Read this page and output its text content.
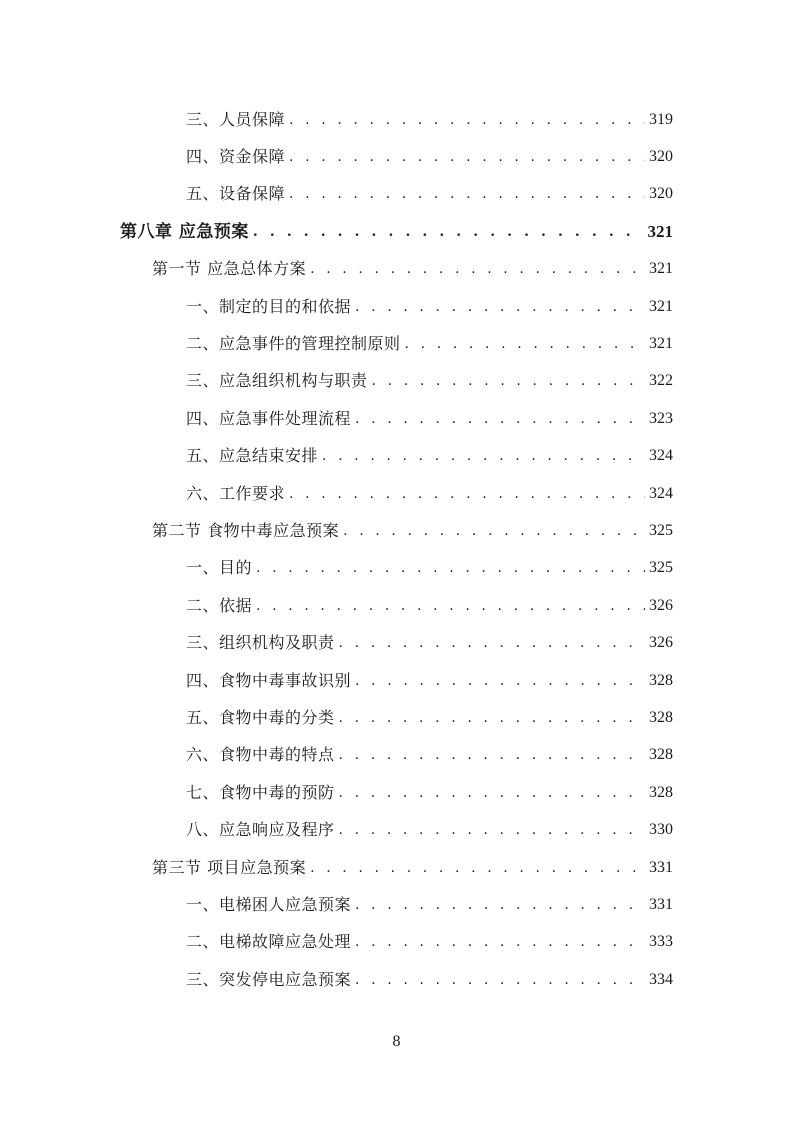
三、人员保障 . . .	319
四、资金保障 . . .	320
五、设备保障 . . .	320
第八章 应急预案 . . .	321
第一节 应急总体方案 . . .	321
一、制定的目的和依据 . . .	321
二、应急事件的管理控制原则 . . .	321
三、应急组织机构与职责 . . .	322
四、应急事件处理流程 . . .	323
五、应急结束安排 . . .	324
六、工作要求 . . .	324
第二节 食物中毒应急预案 . . .	325
一、目的 . . .	325
二、依据 . . .	326
三、组织机构及职责 . . .	326
四、食物中毒事故识别 . . .	328
五、食物中毒的分类 . . .	328
六、食物中毒的特点 . . .	328
七、食物中毒的预防 . . .	328
八、应急响应及程序 . . .	330
第三节 项目应急预案 . . .	331
一、电梯困人应急预案 . . .	331
二、电梯故障应急处理 . . .	333
三、突发停电应急预案 . . .	334
8
